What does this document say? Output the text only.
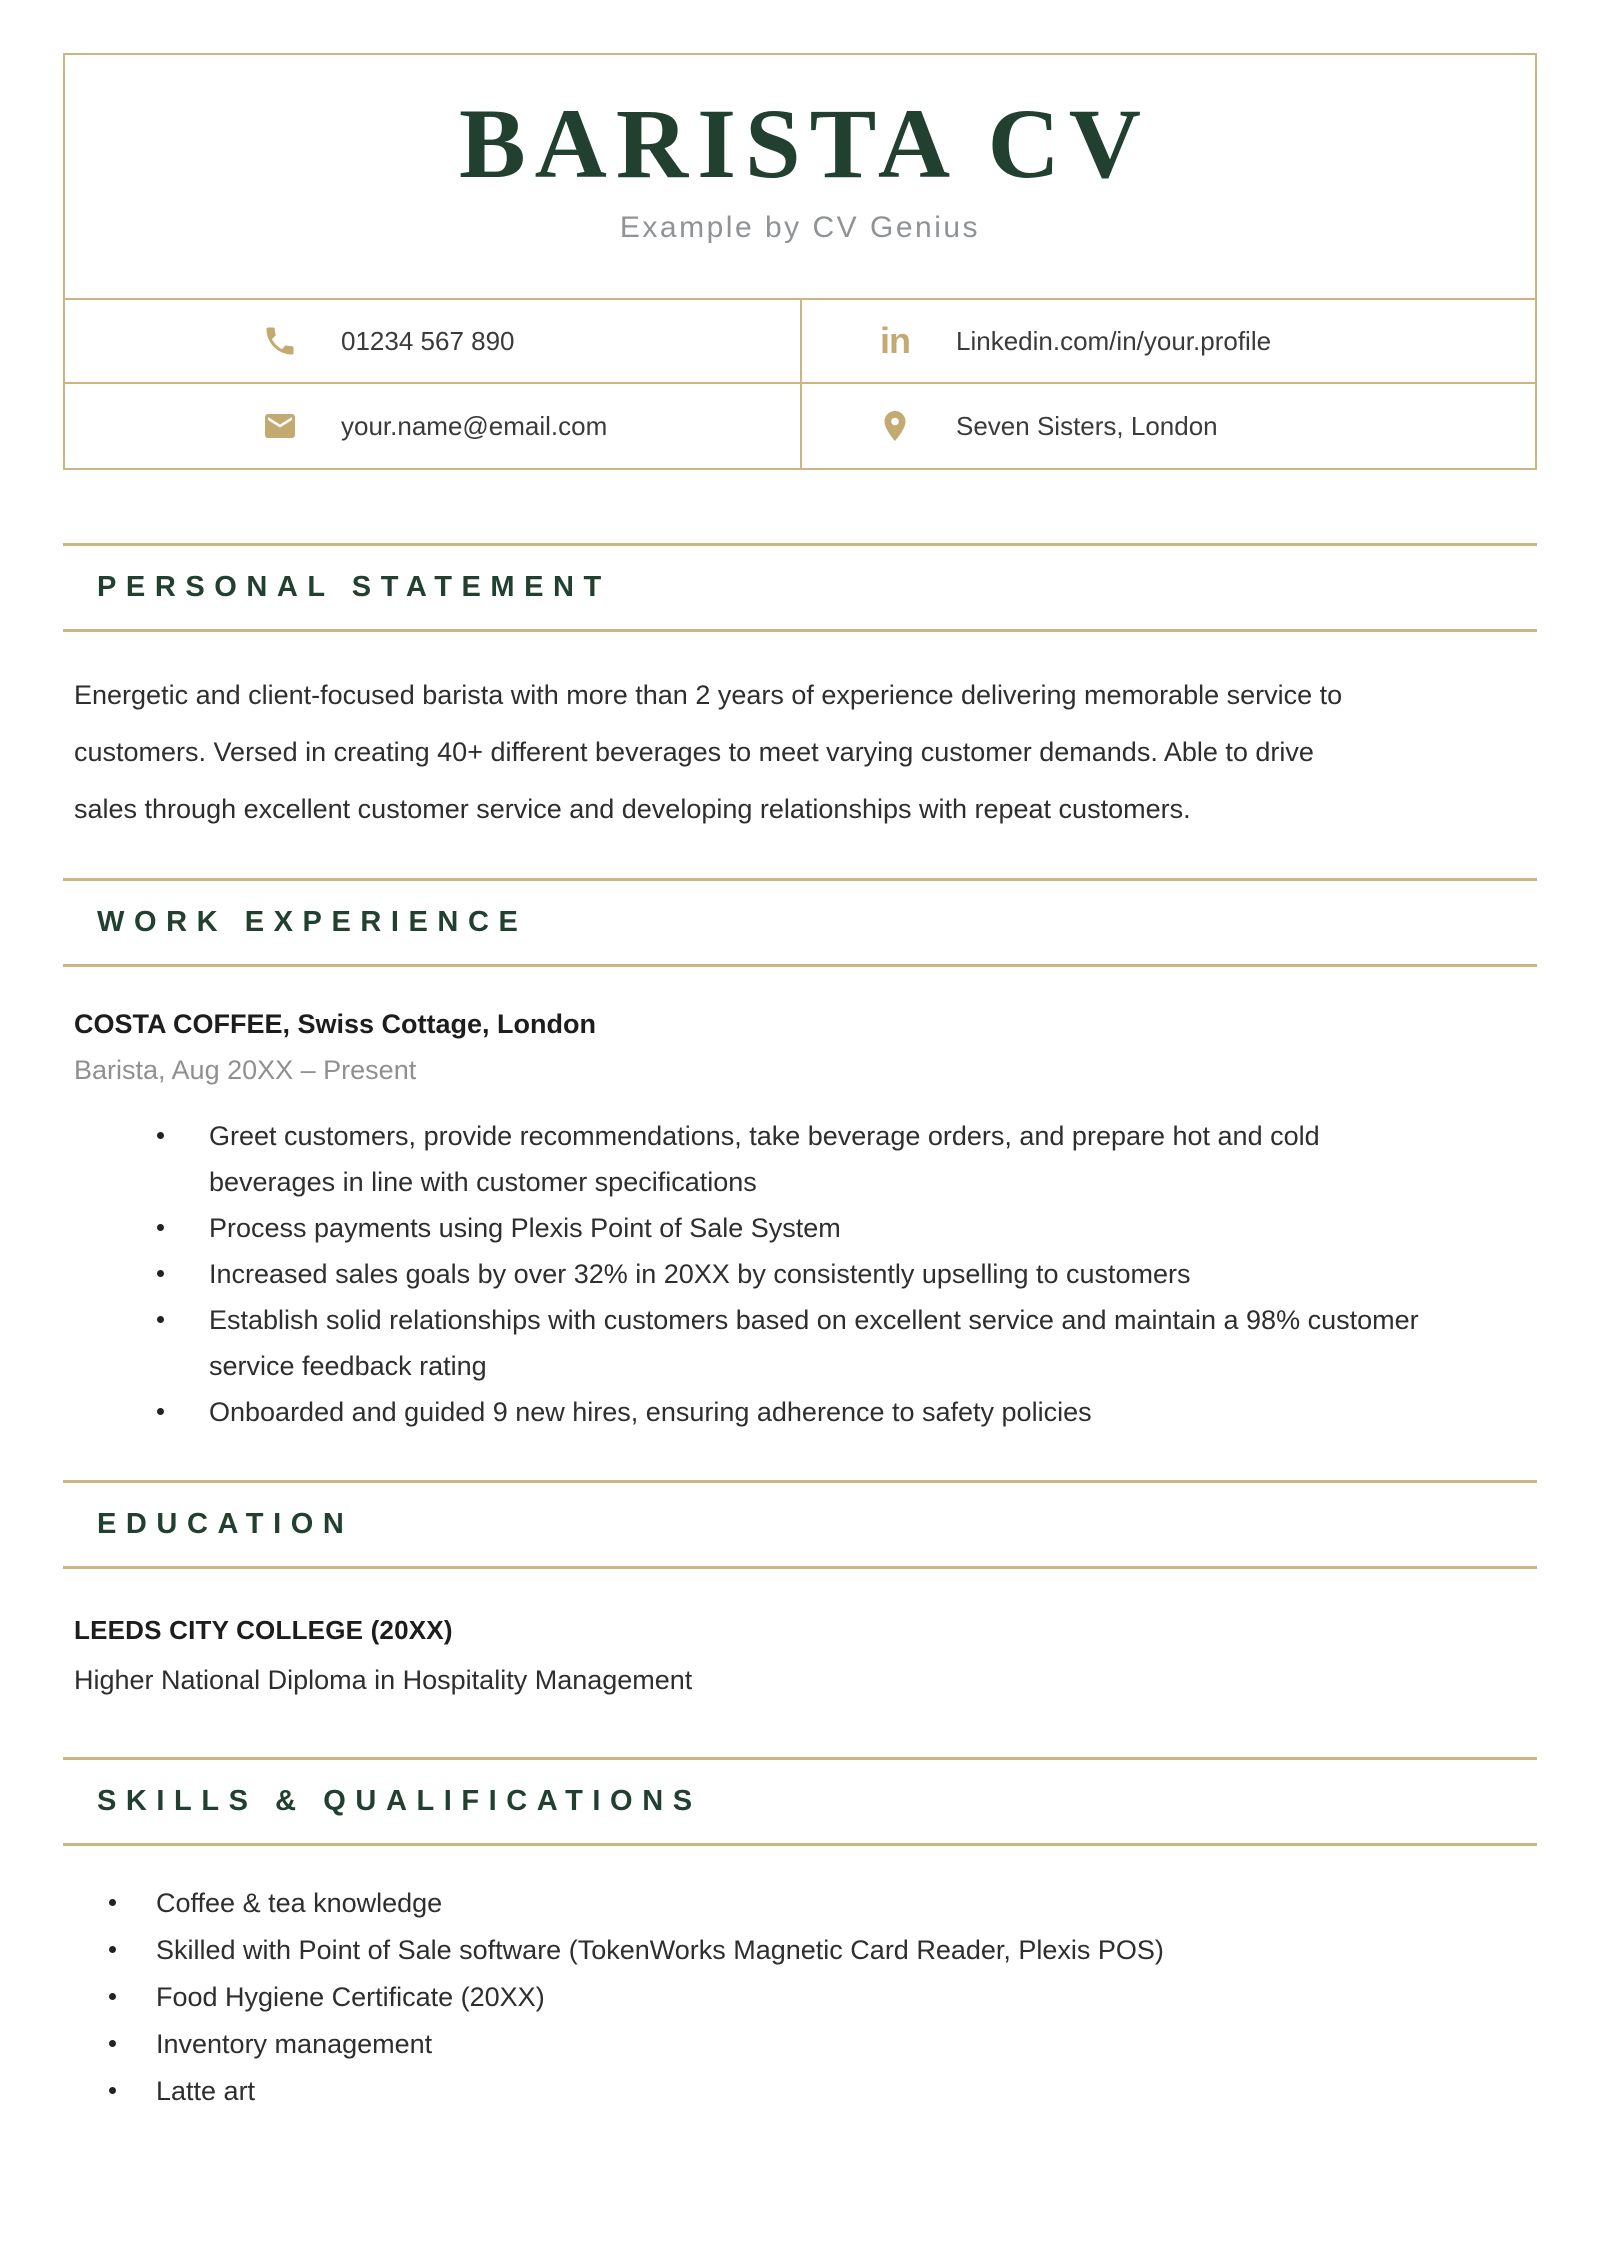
BARISTA CV
Example by CV Genius
01234 567 890	in Linkedin.com/in/your.profile
your.name@email.com	Seven Sisters, London
PERSONAL STATEMENT

Energetic and client-focused barista with more than 2 years of experience delivering memorable service to customers. Versed in creating 40+ different beverages to meet varying customer demands. Able to drive sales through excellent customer service and developing relationships with repeat customers.

WORK EXPERIENCE
COSTA COFFEE, Swiss Cottage, London
Barista, Aug 20XX – Present
Greet customers, provide recommendations, take beverage orders, and prepare hot and cold beverages in line with customer specifications
Process payments using Plexis Point of Sale System
Increased sales goals by over 32% in 20XX by consistently upselling to customers
Establish solid relationships with customers based on excellent service and maintain a 98% customer service feedback rating
Onboarded and guided 9 new hires, ensuring adherence to safety policies
EDUCATION
LEEDS CITY COLLEGE (20XX)
Higher National Diploma in Hospitality Management
SKILLS & QUALIFICATIONS
Coffee & tea knowledge
Skilled with Point of Sale software (TokenWorks Magnetic Card Reader, Plexis POS)
Food Hygiene Certificate (20XX)
Inventory management
Latte art
